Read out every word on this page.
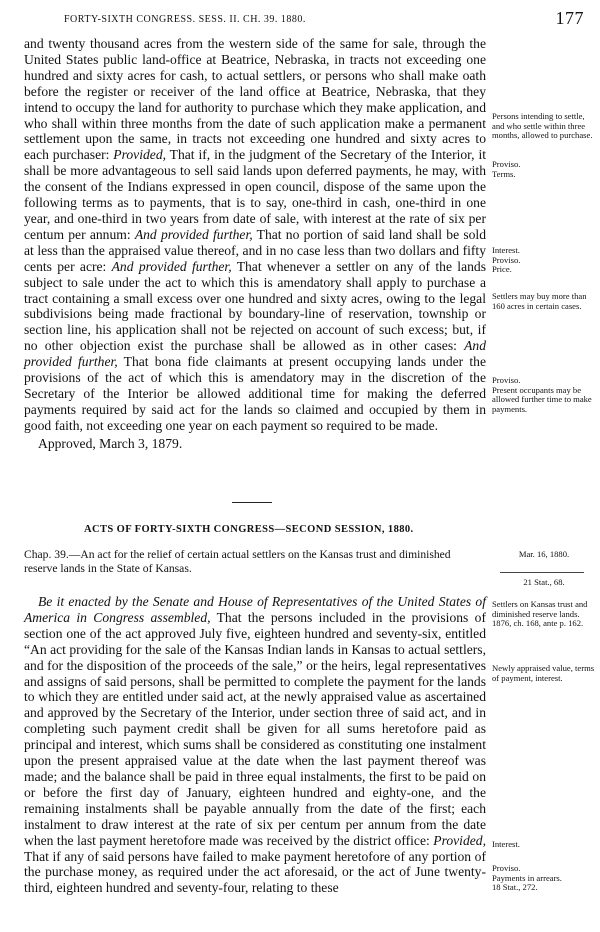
FORTY-SIXTH CONGRESS. SESS. II. CH. 39. 1880.	177

and twenty thousand acres from the western side of the same for sale, through the United States public land-office at Beatrice, Nebraska, in tracts not exceeding one hundred and sixty acres for cash, to actual settlers, or persons who shall make oath before the register or receiver of the land office at Beatrice, Nebraska, that they intend to occupy the land for authority to purchase which they make application, and who shall within three months from the date of such application make a permanent settlement upon the same, in tracts not exceeding one hundred and sixty acres to each purchaser: Provided, That if, in the judgment of the Secretary of the Interior, it shall be more advantageous to sell said lands upon deferred payments, he may, with the consent of the Indians expressed in open council, dispose of the same upon the following terms as to payments, that is to say, one-third in cash, one-third in one year, and one-third in two years from date of sale, with interest at the rate of six per centum per annum: And provided further, That no portion of said land shall be sold at less than the appraised value thereof, and in no case less than two dollars and fifty cents per acre: And provided further, That whenever a settler on any of the lands subject to sale under the act to which this is amendatory shall apply to purchase a tract containing a small excess over one hundred and sixty acres, owing to the legal subdivisions being made fractional by boundary-line of reservation, township or section line, his application shall not be rejected on account of such excess; but, if no other objection exist the purchase shall be allowed as in other cases: And provided further, That bona fide claimants at present occupying lands under the provisions of the act of which this is amendatory may in the discretion of the Secretary of the Interior be allowed additional time for making the deferred payments required by said act for the lands so claimed and occupied by them in good faith, not exceeding one year on each payment so required to be made.

Approved, March 3, 1879.

ACTS OF FORTY-SIXTH CONGRESS—SECOND SESSION, 1880.
Chap. 39.—An act for the relief of certain actual settlers on the Kansas trust and diminished reserve lands in the State of Kansas.

Be it enacted by the Senate and House of Representatives of the United States of America in Congress assembled, That the persons included in the provisions of section one of the act approved July five, eighteen hundred and seventy-six, entitled “An act providing for the sale of the Kansas Indian lands in Kansas to actual settlers, and for the disposition of the proceeds of the sale,” or the heirs, legal representatives and assigns of said persons, shall be permitted to complete the payment for the lands to which they are entitled under said act, at the newly appraised value as ascertained and approved by the Secretary of the Interior, under section three of said act, and in completing such payment credit shall be given for all sums heretofore paid as principal and interest, which sums shall be considered as constituting one instalment upon the present appraised value at the date when the last payment thereof was made; and the balance shall be paid in three equal instalments, the first to be paid on or before the first day of January, eighteen hundred and eighty-one, and the remaining instalments shall be payable annually from the date of the first; each instalment to draw interest at the rate of six per centum per annum from the date when the last payment heretofore made was received by the district office: Provided, That if any of said persons have failed to make payment heretofore of any portion of the purchase money, as required under the act aforesaid, or the act of June twenty-third, eighteen hundred and seventy-four, relating to these

Persons intending to settle, and who settle within three months, allowed to purchase.
Proviso.
Terms.
Interest.
Proviso.
Price.
Settlers may buy more than 160 acres in certain cases.
Proviso.
Present occupants may be allowed further time to make payments.
Mar. 16, 1880.
21 Stat., 68.
Settlers on Kansas trust and diminished reserve lands.
1876, ch. 168, ante p. 162.
Newly appraised value, terms of payment, interest.
Interest.
Proviso.
Payments in arrears.
18 Stat., 272.
